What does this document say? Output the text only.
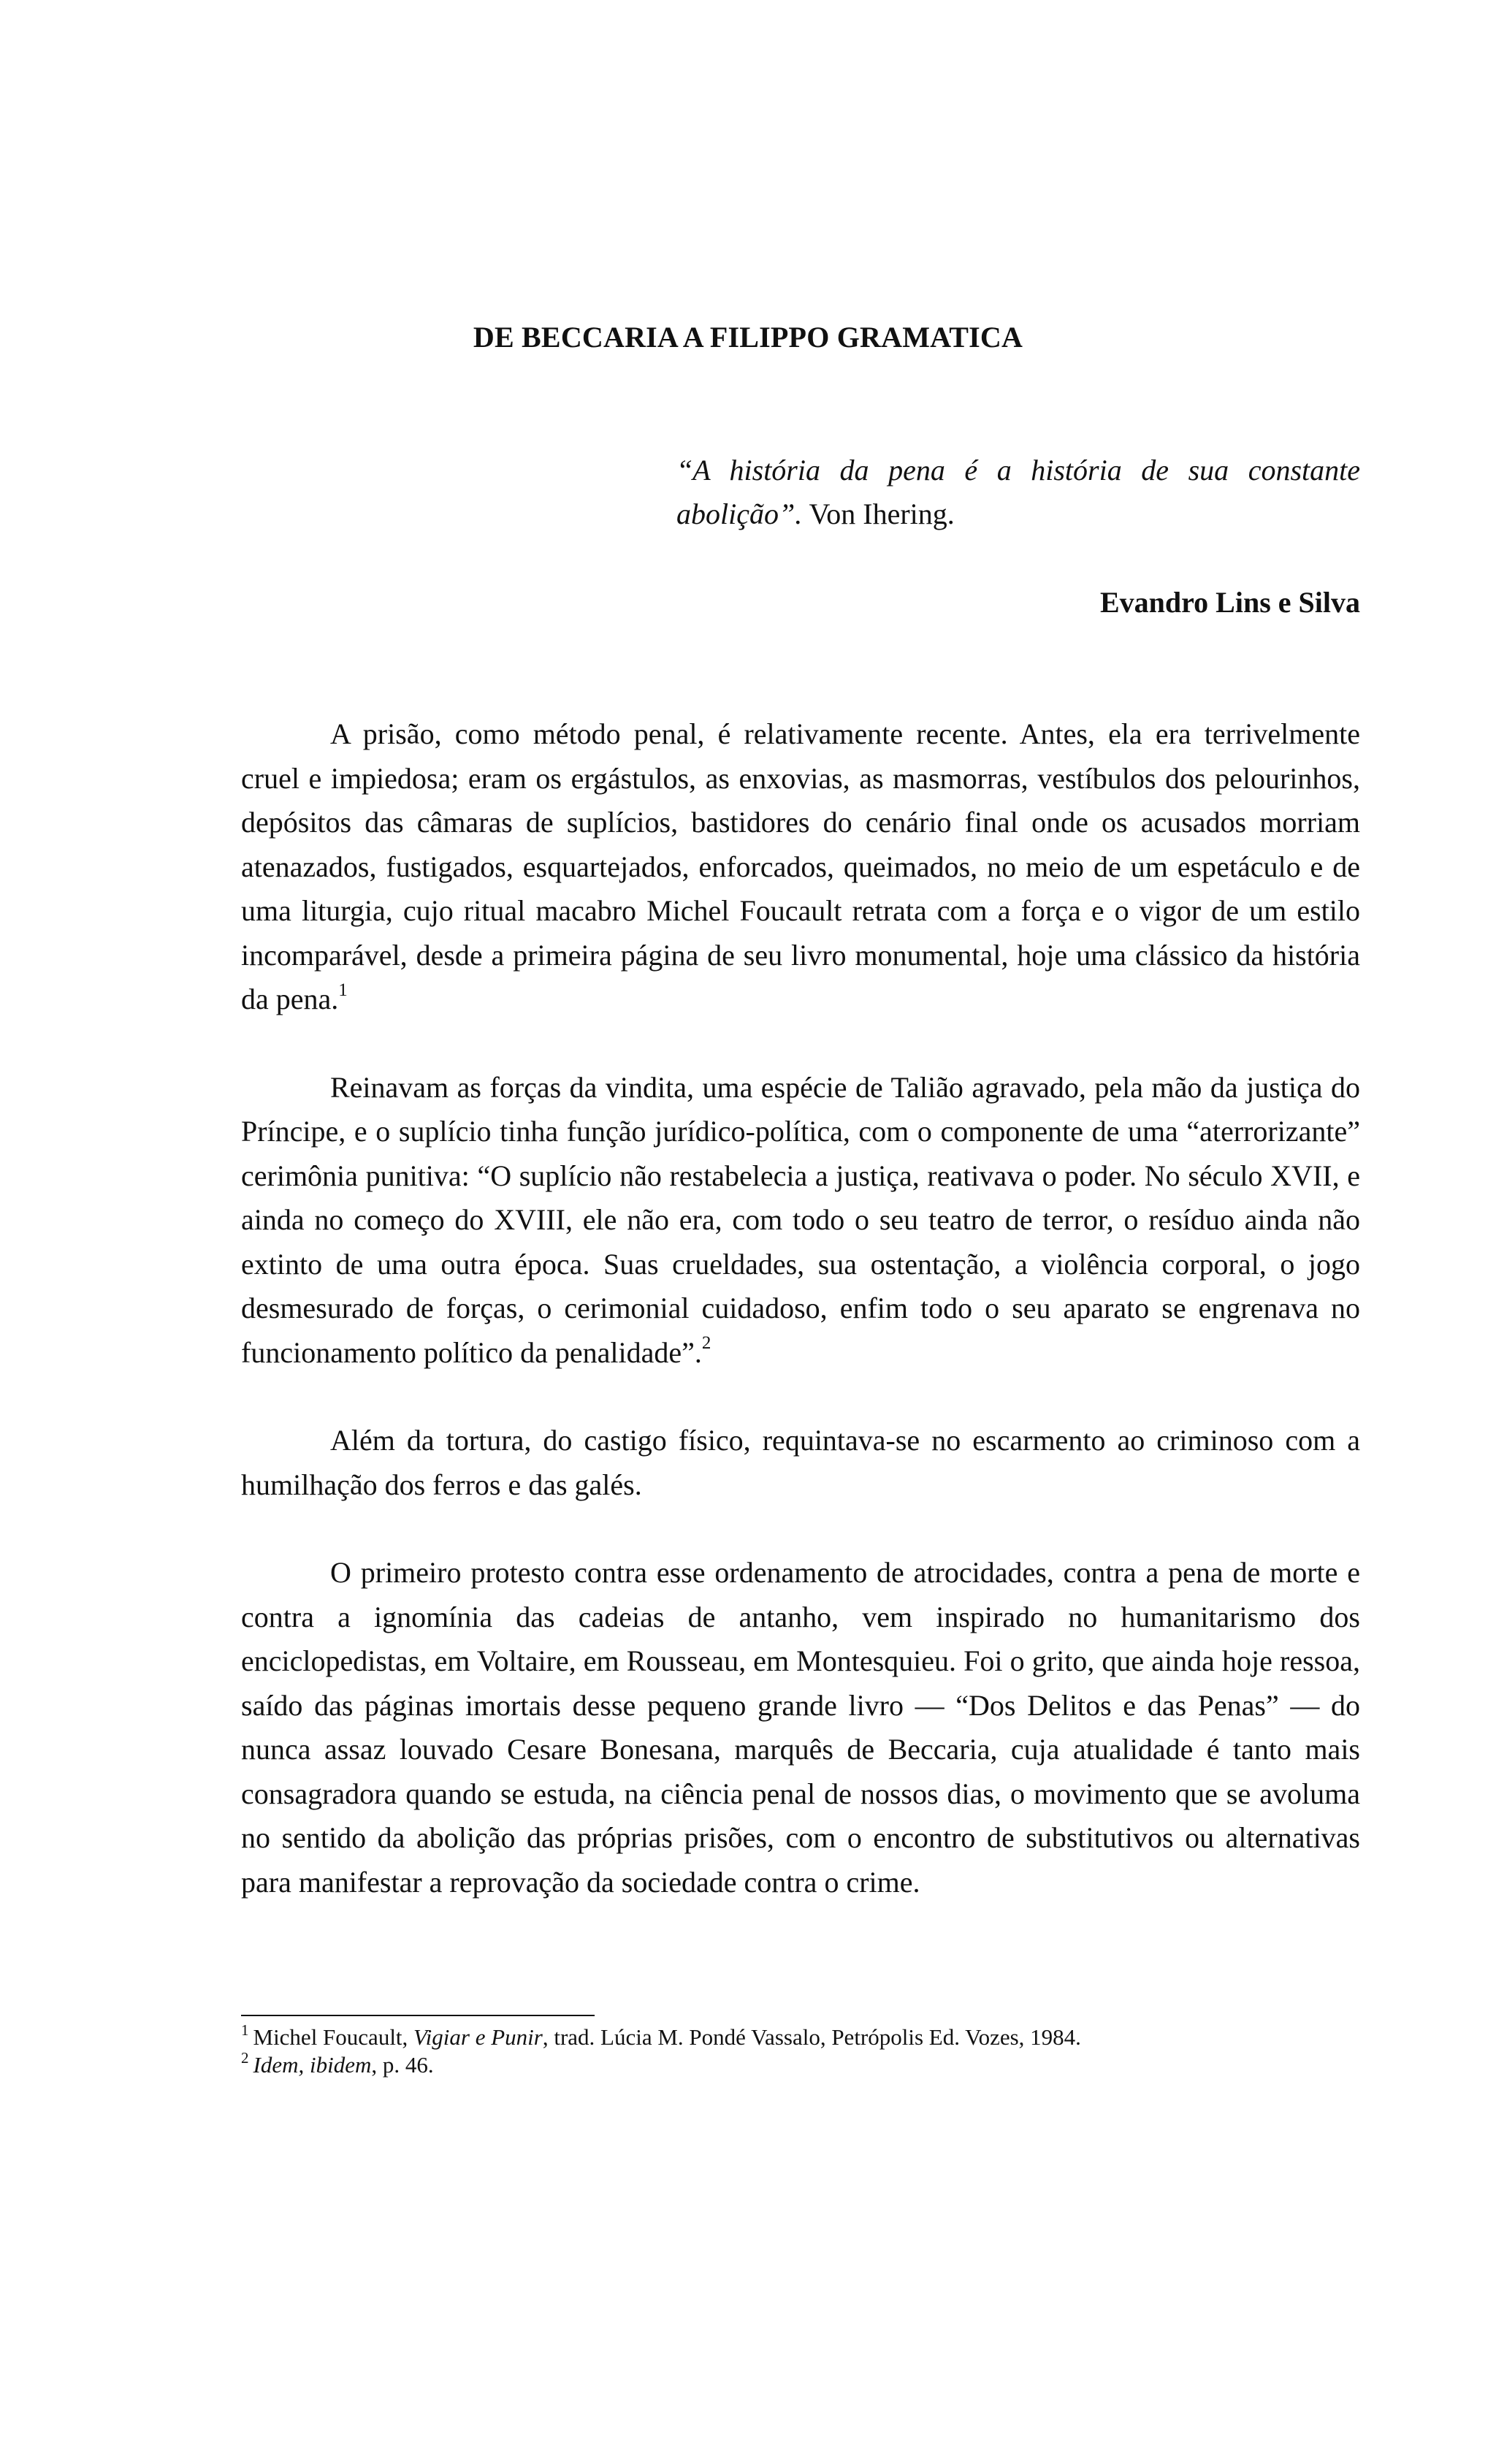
DE BECCARIA A FILIPPO GRAMATICA

“A história da pena é a história de sua constante abolição”. Von Ihering.

Evandro Lins e Silva

A prisão, como método penal, é relativamente recente. Antes, ela era terrivelmente cruel e impiedosa; eram os ergástulos, as enxovias, as masmorras, vestíbulos dos pelourinhos, depósitos das câmaras de suplícios, bastidores do cenário final onde os acusados morriam atenazados, fustigados, esquartejados, enforcados, queimados, no meio de um espetáculo e de uma liturgia, cujo ritual macabro Michel Foucault retrata com a força e o vigor de um estilo incomparável, desde a primeira página de seu livro monumental, hoje uma clássico da história da pena.$^1$

Reinavam as forças da vindita, uma espécie de Talião agravado, pela mão da justiça do Príncipe, e o suplício tinha função jurídico-política, com o componente de uma “aterrorizante” cerimônia punitiva: “O suplício não restabelecia a justiça, reativava o poder. No século XVII, e ainda no começo do XVIII, ele não era, com todo o seu teatro de terror, o resíduo ainda não extinto de uma outra época. Suas crueldades, sua ostentação, a violência corporal, o jogo desmesurado de forças, o cerimonial cuidadoso, enfim todo o seu aparato se engrenava no funcionamento político da penalidade”.$^2$

Além da tortura, do castigo físico, requintava-se no escarmento ao criminoso com a humilhação dos ferros e das galés.

O primeiro protesto contra esse ordenamento de atrocidades, contra a pena de morte e contra a ignomínia das cadeias de antanho, vem inspirado no humanitarismo dos enciclopedistas, em Voltaire, em Rousseau, em Montesquieu. Foi o grito, que ainda hoje ressoa, saído das páginas imortais desse pequeno grande livro — “Dos Delitos e das Penas” — do nunca assaz louvado Cesare Bonesana, marquês de Beccaria, cuja atualidade é tanto mais consagradora quando se estuda, na ciência penal de nossos dias, o movimento que se avoluma no sentido da abolição das próprias prisões, com o encontro de substitutivos ou alternativas para manifestar a reprovação da sociedade contra o crime.

$^1$ Michel Foucault, Vigiar e Punir, trad. Lúcia M. Pondé Vassalo, Petrópolis Ed. Vozes, 1984.

$^2$ Idem, ibidem, p. 46.
